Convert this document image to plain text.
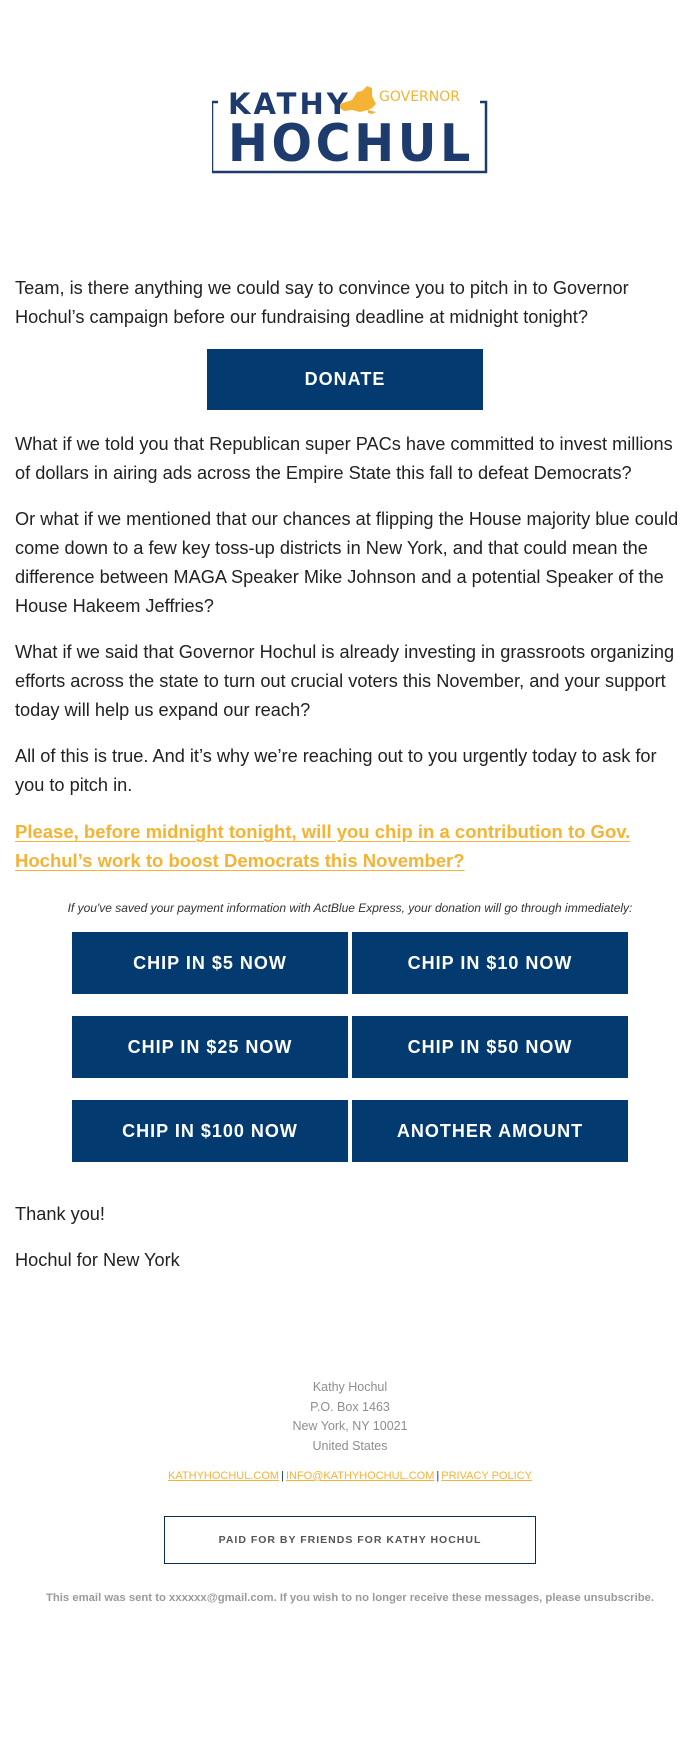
KATHY GOVERNOR
HOCHUL

Team, is there anything we could say to convince you to pitch in to Governor Hochul’s campaign before our fundraising deadline at midnight tonight?

DONATE

What if we told you that Republican super PACs have committed to invest millions of dollars in airing ads across the Empire State this fall to defeat Democrats?

Or what if we mentioned that our chances at flipping the House majority blue could come down to a few key toss-up districts in New York, and that could mean the difference between MAGA Speaker Mike Johnson and a potential Speaker of the House Hakeem Jeffries?

What if we said that Governor Hochul is already investing in grassroots organizing efforts across the state to turn out crucial voters this November, and your support today will help us expand our reach?

All of this is true. And it’s why we’re reaching out to you urgently today to ask for you to pitch in.

Please, before midnight tonight, will you chip in a contribution to Gov. Hochul’s work to boost Democrats this November?

If you've saved your payment information with ActBlue Express, your donation will go through immediately:

CHIP IN $5 NOW	CHIP IN $10 NOW
CHIP IN $25 NOW	CHIP IN $50 NOW
CHIP IN $100 NOW	ANOTHER AMOUNT
Thank you!
Hochul for New York
Kathy Hochul
P.O. Box 1463
New York, NY 10021
United States
KATHYHOCHUL.COM | INFO@KATHYHOCHUL.COM | PRIVACY POLICY
PAID FOR BY FRIENDS FOR KATHY HOCHUL
This email was sent to xxxxxx@gmail.com. If you wish to no longer receive these messages, please unsubscribe.
